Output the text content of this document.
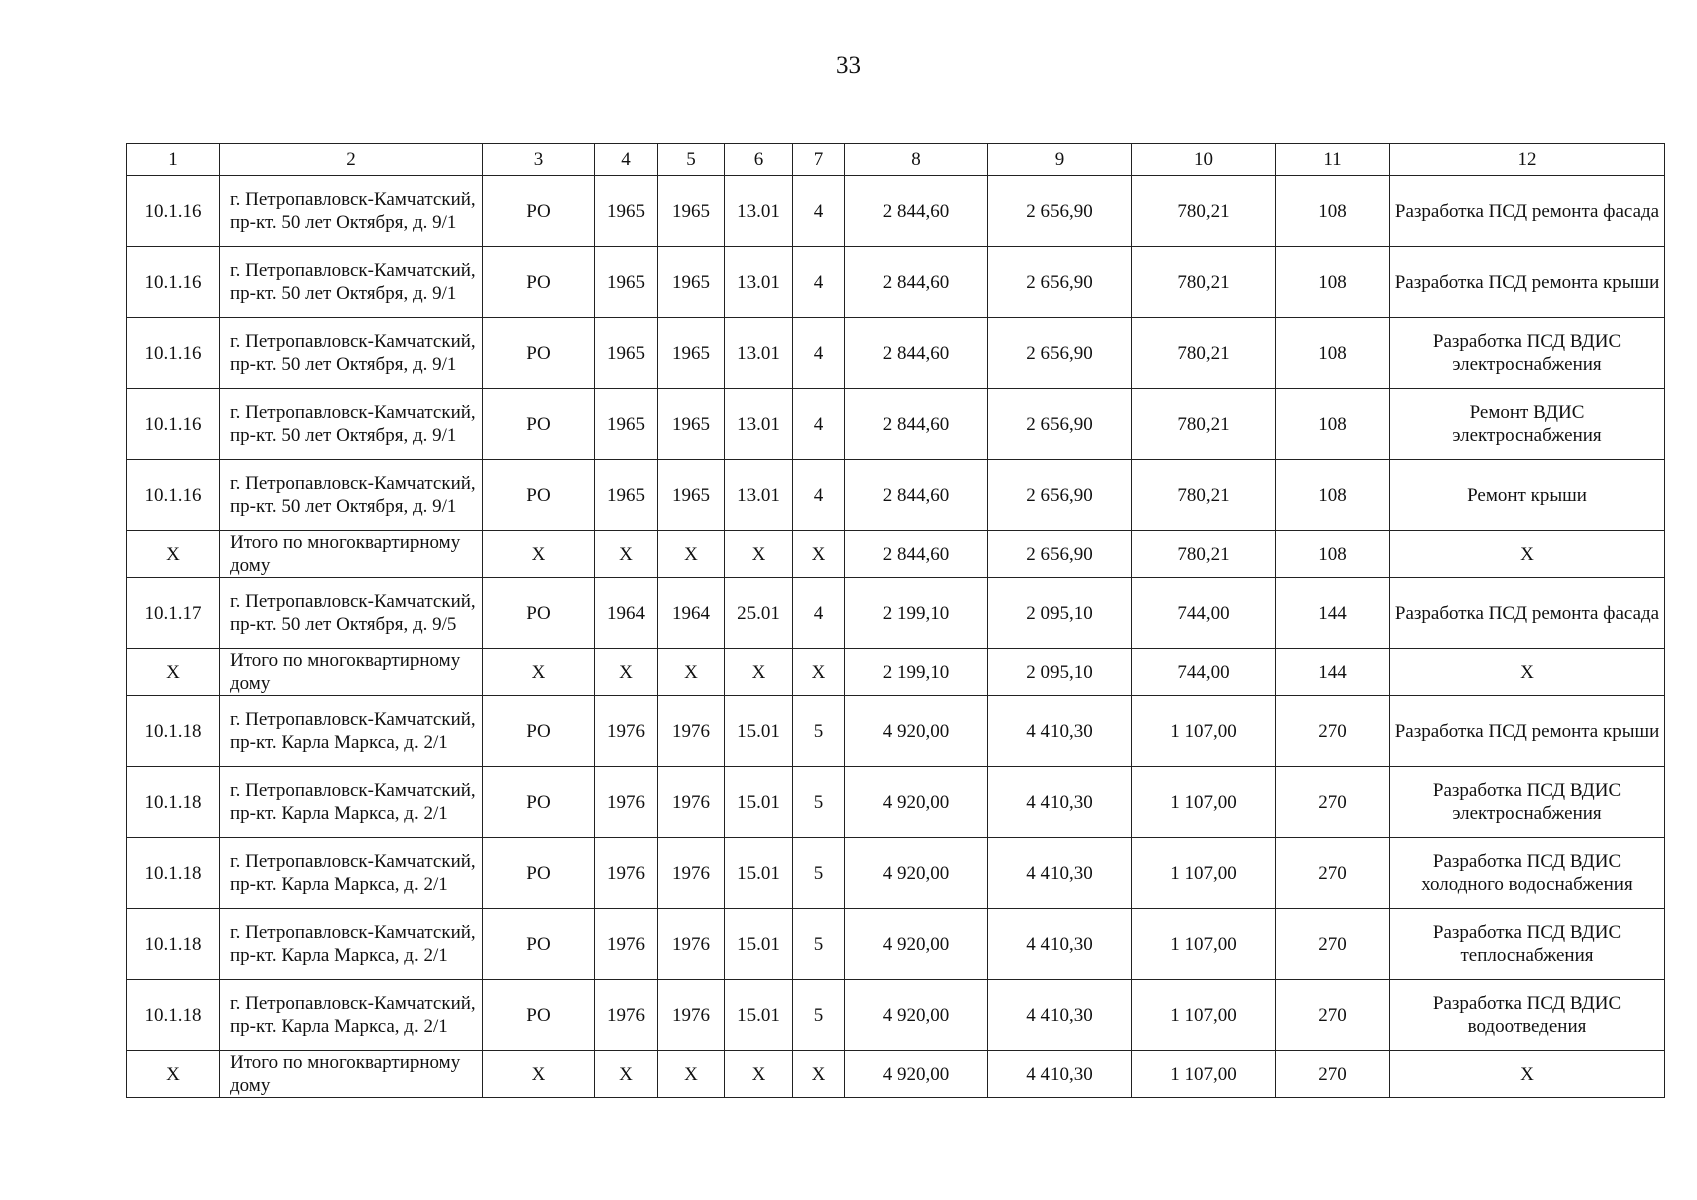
33
1	2	3	4	5	6	7	8	9	10	11	12
10.1.16	г. Петропавловск-Камчатский, пр-кт. 50 лет Октября, д. 9/1	РО	1965	1965	13.01	4	2 844,60	2 656,90	780,21	108	Разработка ПСД ремонта фасада
10.1.16	г. Петропавловск-Камчатский, пр-кт. 50 лет Октября, д. 9/1	РО	1965	1965	13.01	4	2 844,60	2 656,90	780,21	108	Разработка ПСД ремонта крыши
10.1.16	г. Петропавловск-Камчатский, пр-кт. 50 лет Октября, д. 9/1	РО	1965	1965	13.01	4	2 844,60	2 656,90	780,21	108	Разработка ПСД ВДИС электроснабжения
10.1.16	г. Петропавловск-Камчатский, пр-кт. 50 лет Октября, д. 9/1	РО	1965	1965	13.01	4	2 844,60	2 656,90	780,21	108	Ремонт ВДИС электроснабжения
10.1.16	г. Петропавловск-Камчатский, пр-кт. 50 лет Октября, д. 9/1	РО	1965	1965	13.01	4	2 844,60	2 656,90	780,21	108	Ремонт крыши
Х	Итого по многоквартирному дому	Х	Х	Х	Х	Х	2 844,60	2 656,90	780,21	108	Х
10.1.17	г. Петропавловск-Камчатский, пр-кт. 50 лет Октября, д. 9/5	РО	1964	1964	25.01	4	2 199,10	2 095,10	744,00	144	Разработка ПСД ремонта фасада
Х	Итого по многоквартирному дому	Х	Х	Х	Х	Х	2 199,10	2 095,10	744,00	144	Х
10.1.18	г. Петропавловск-Камчатский, пр-кт. Карла Маркса, д. 2/1	РО	1976	1976	15.01	5	4 920,00	4 410,30	1 107,00	270	Разработка ПСД ремонта крыши
10.1.18	г. Петропавловск-Камчатский, пр-кт. Карла Маркса, д. 2/1	РО	1976	1976	15.01	5	4 920,00	4 410,30	1 107,00	270	Разработка ПСД ВДИС электроснабжения
10.1.18	г. Петропавловск-Камчатский, пр-кт. Карла Маркса, д. 2/1	РО	1976	1976	15.01	5	4 920,00	4 410,30	1 107,00	270	Разработка ПСД ВДИС холодного водоснабжения
10.1.18	г. Петропавловск-Камчатский, пр-кт. Карла Маркса, д. 2/1	РО	1976	1976	15.01	5	4 920,00	4 410,30	1 107,00	270	Разработка ПСД ВДИС теплоснабжения
10.1.18	г. Петропавловск-Камчатский, пр-кт. Карла Маркса, д. 2/1	РО	1976	1976	15.01	5	4 920,00	4 410,30	1 107,00	270	Разработка ПСД ВДИС водоотведения
Х	Итого по многоквартирному дому	Х	Х	Х	Х	Х	4 920,00	4 410,30	1 107,00	270	Х
